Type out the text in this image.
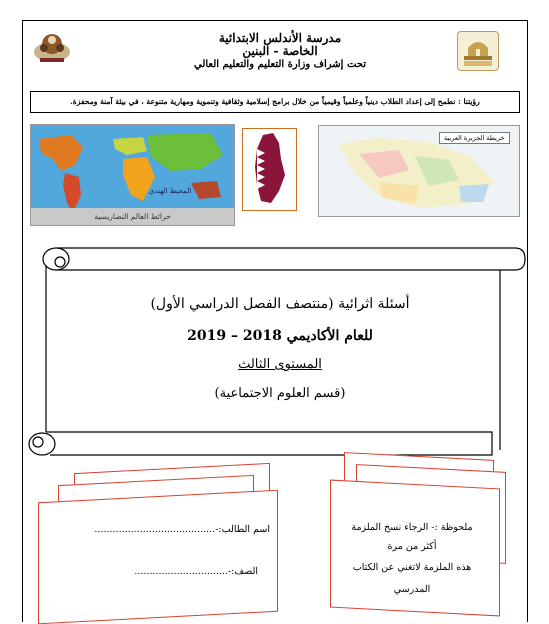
مدرسة الأندلس الابتدائية
الخاصة - البنين
تحت إشراف وزارة التعليم والتعليم العالي
رؤيتنا : نطمح إلى إعداد الطلاب دينياً وعلمياً وقيمياً من خلال برامج إسلامية وثقافية وتنموية ومهارية متنوعة ، في بيئة آمنة ومحفزة.
المحيط الهندي
خرائط العالم التضاريسية
خريطة الجزيرة العربية
أسئلة اثرائية (منتصف الفصل الدراسي الأول)
للعام الأكاديمي 2018 – 2019
المستوى الثالث
(قسم العلوم الاجتماعية)
اسم الطالب:-........................................
الصف:-...............................
ملحوظة :- الرجاء نسخ الملزمة
أكثر من مرة
هذه الملزمة لاتغني عن الكتاب
المدرسي
